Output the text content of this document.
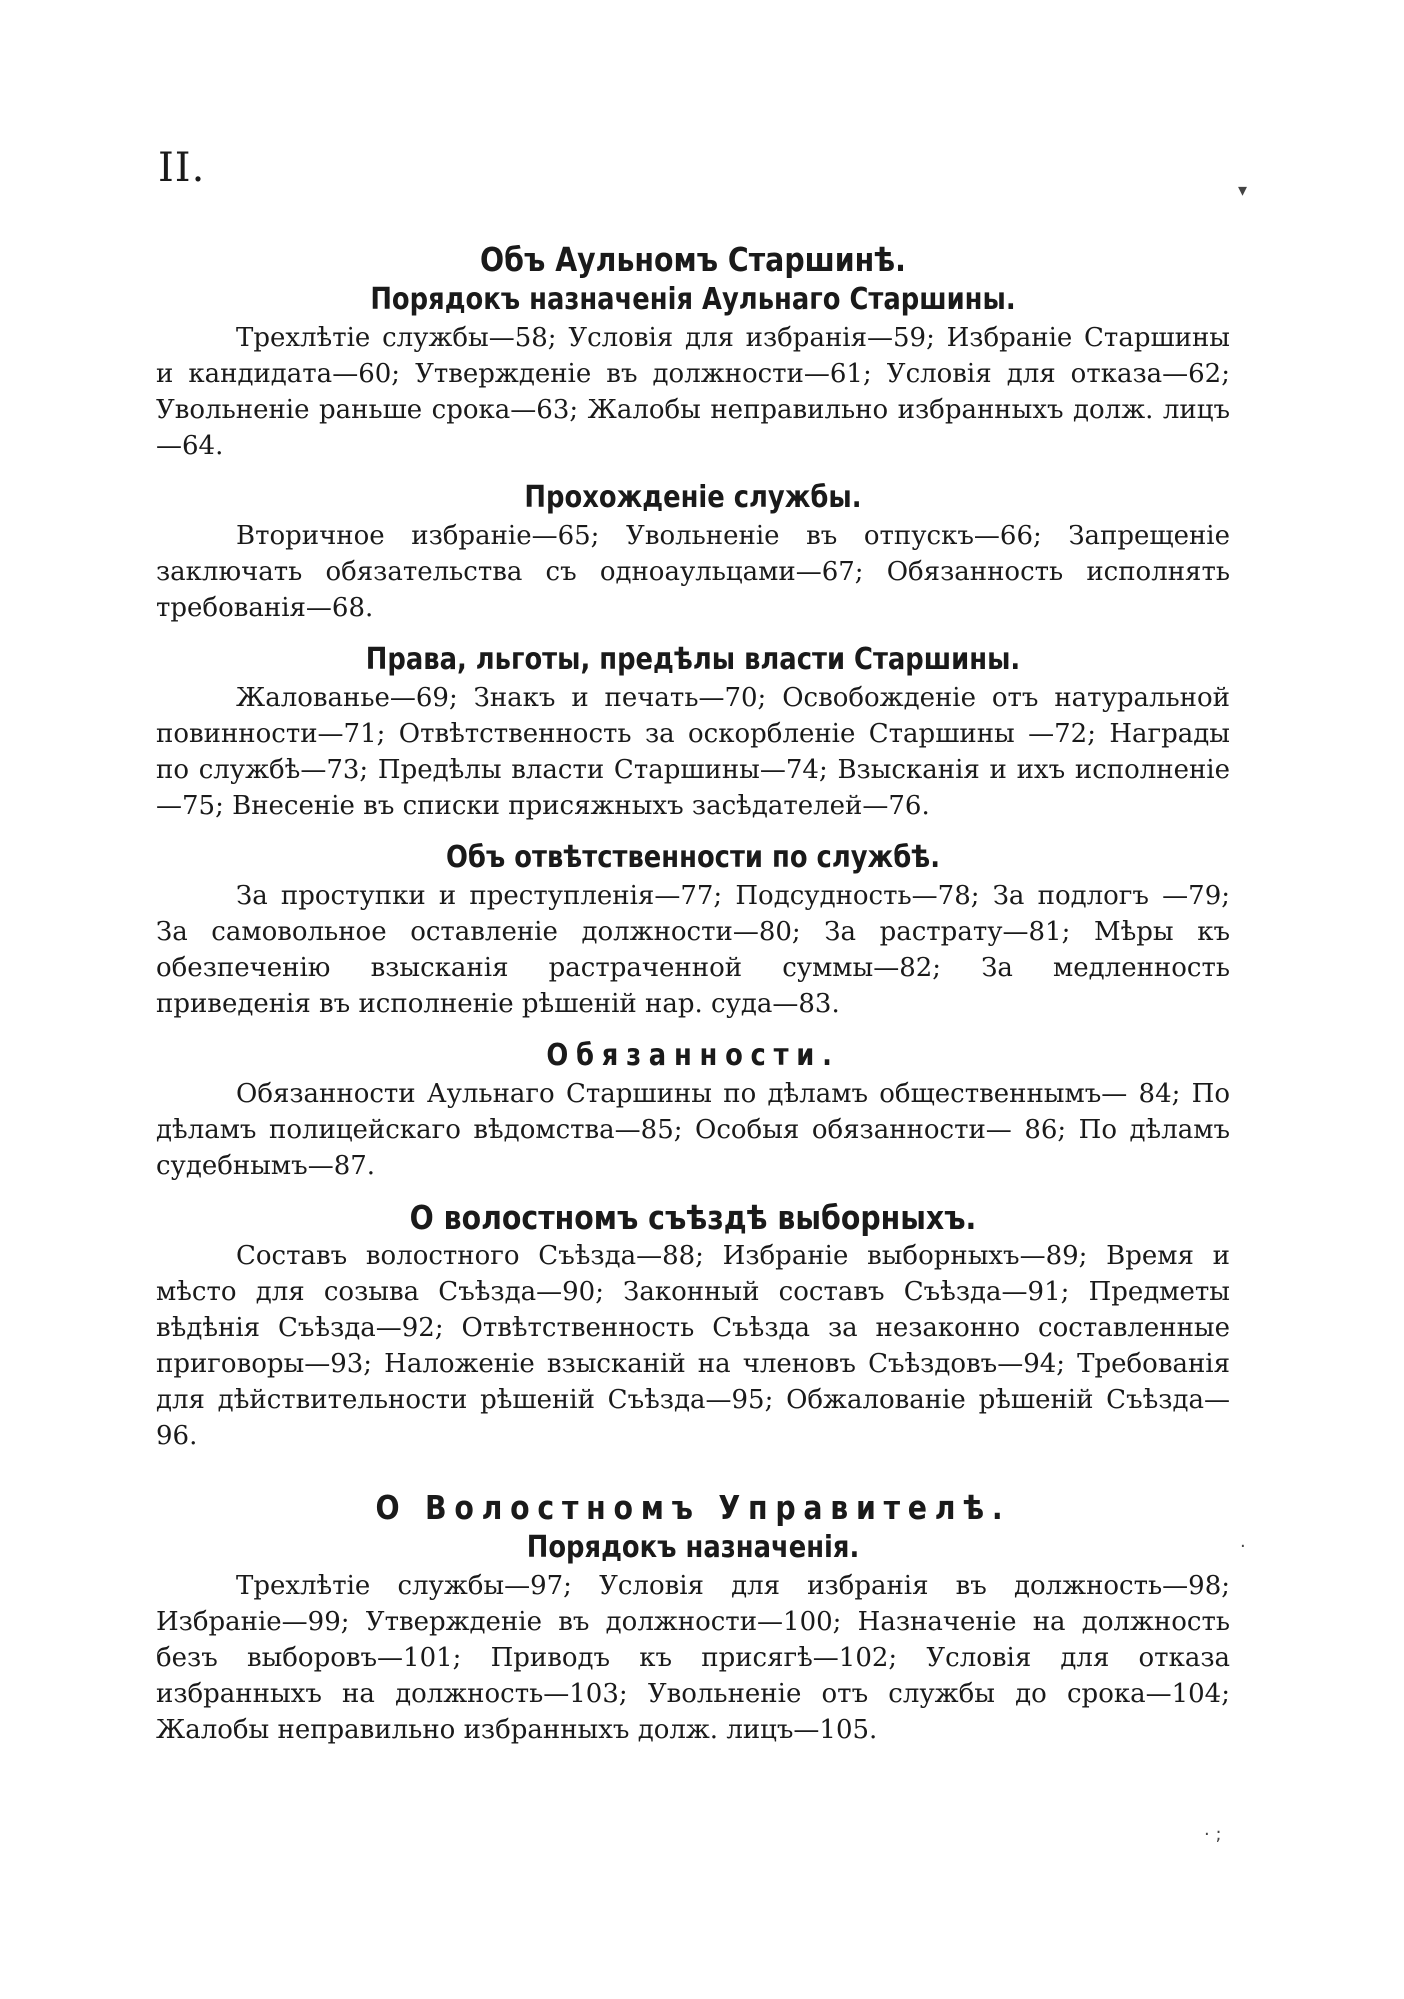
II.	▾
·
· ;
Объ Аульномъ Старшинѣ.
Порядокъ назначенія Аульнаго Старшины.

Трехлѣтіе службы—58; Условія для избранія—59; Избраніе Старшины и кандидата—60; Утвержденіе въ должности—61; Условія для отказа—62; Увольненіе раньше срока—63; Жалобы неправильно избранныхъ долж. лицъ—64.

Прохожденіе службы.

Вторичное избраніе—65; Увольненіе въ отпускъ—66; Запрещеніе заключать обязательства съ одноаульцами—67; Обязанность исполнять требованія—68.

Права, льготы, предѣлы власти Старшины.

Жалованье—69; Знакъ и печать—70; Освобожденіе отъ натуральной повинности—71; Отвѣтственность за оскорбленіе Старшины —72; Награды по службѣ—73; Предѣлы власти Старшины—74; Взысканія и ихъ исполненіе—75; Внесеніе въ списки присяжныхъ засѣдателей—76.

Объ отвѣтственности по службѣ.

За проступки и преступленія—77; Подсудность—78; За подлогъ —79; За самовольное оставленіе должности—80; За растрату—81; Мѣры къ обезпеченію взысканія растраченной суммы—82; За медленность приведенія въ исполненіе рѣшеній нар. суда—83.

Обязанности.

Обязанности Аульнаго Старшины по дѣламъ общественнымъ— 84; По дѣламъ полицейскаго вѣдомства—85; Особыя обязанности— 86; По дѣламъ судебнымъ—87.

О волостномъ съѣздѣ выборныхъ.

Составъ волостного Съѣзда—88; Избраніе выборныхъ—89; Время и мѣсто для созыва Съѣзда—90; Законный составъ Съѣзда—91; Предметы вѣдѣнія Съѣзда—92; Отвѣтственность Съѣзда за незаконно составленные приговоры—93; Наложеніе взысканій на членовъ Съѣздовъ—94; Требованія для дѣйствительности рѣшеній Съѣзда—95; Обжалованіе рѣшеній Съѣзда—96.

О Волостномъ Управителѣ.
Порядокъ назначенія.

Трехлѣтіе службы—97; Условія для избранія въ должность—98; Избраніе—99; Утвержденіе въ должности—100; Назначеніе на должность безъ выборовъ—101; Приводъ къ присягѣ—102; Условія для отказа избранныхъ на должность—103; Увольненіе отъ службы до срока—104; Жалобы неправильно избранныхъ долж. лицъ—105.
